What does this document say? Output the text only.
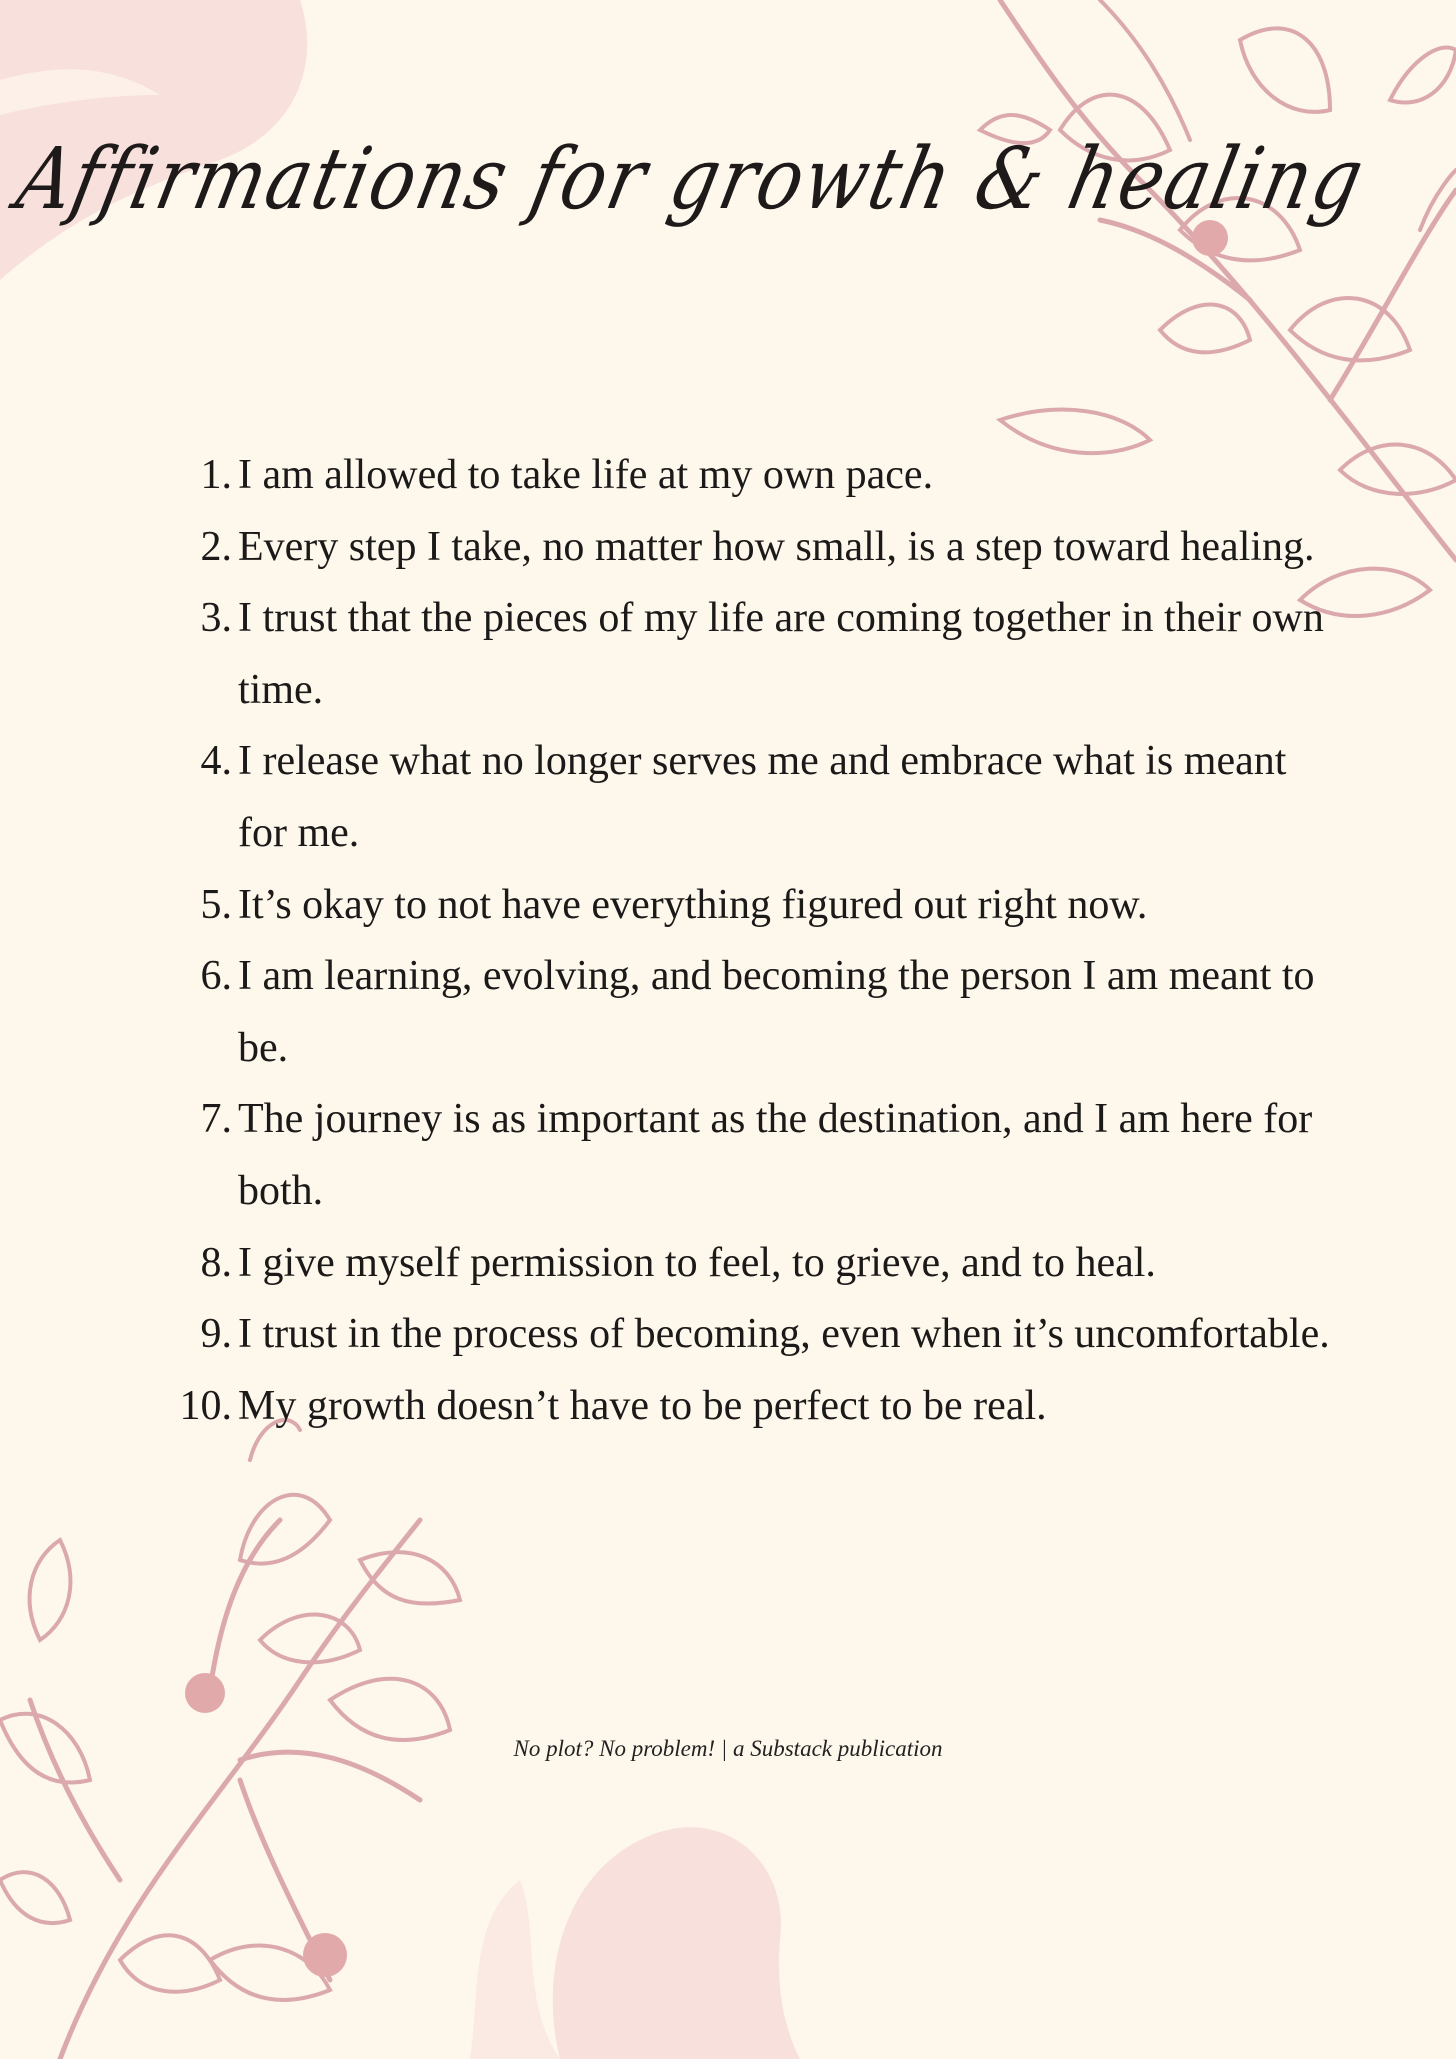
Affirmations for growth & healing
1. I am allowed to take life at my own pace.
2. Every step I take, no matter how small, is a step toward healing.
3. I trust that the pieces of my life are coming together in their own time.
4. I release what no longer serves me and embrace what is meant for me.
5. It’s okay to not have everything figured out right now.
6. I am learning, evolving, and becoming the person I am meant to be.
7. The journey is as important as the destination, and I am here for both.
8. I give myself permission to feel, to grieve, and to heal.
9. I trust in the process of becoming, even when it’s uncomfortable.
10. My growth doesn’t have to be perfect to be real.
No plot? No problem! | a Substack publication
